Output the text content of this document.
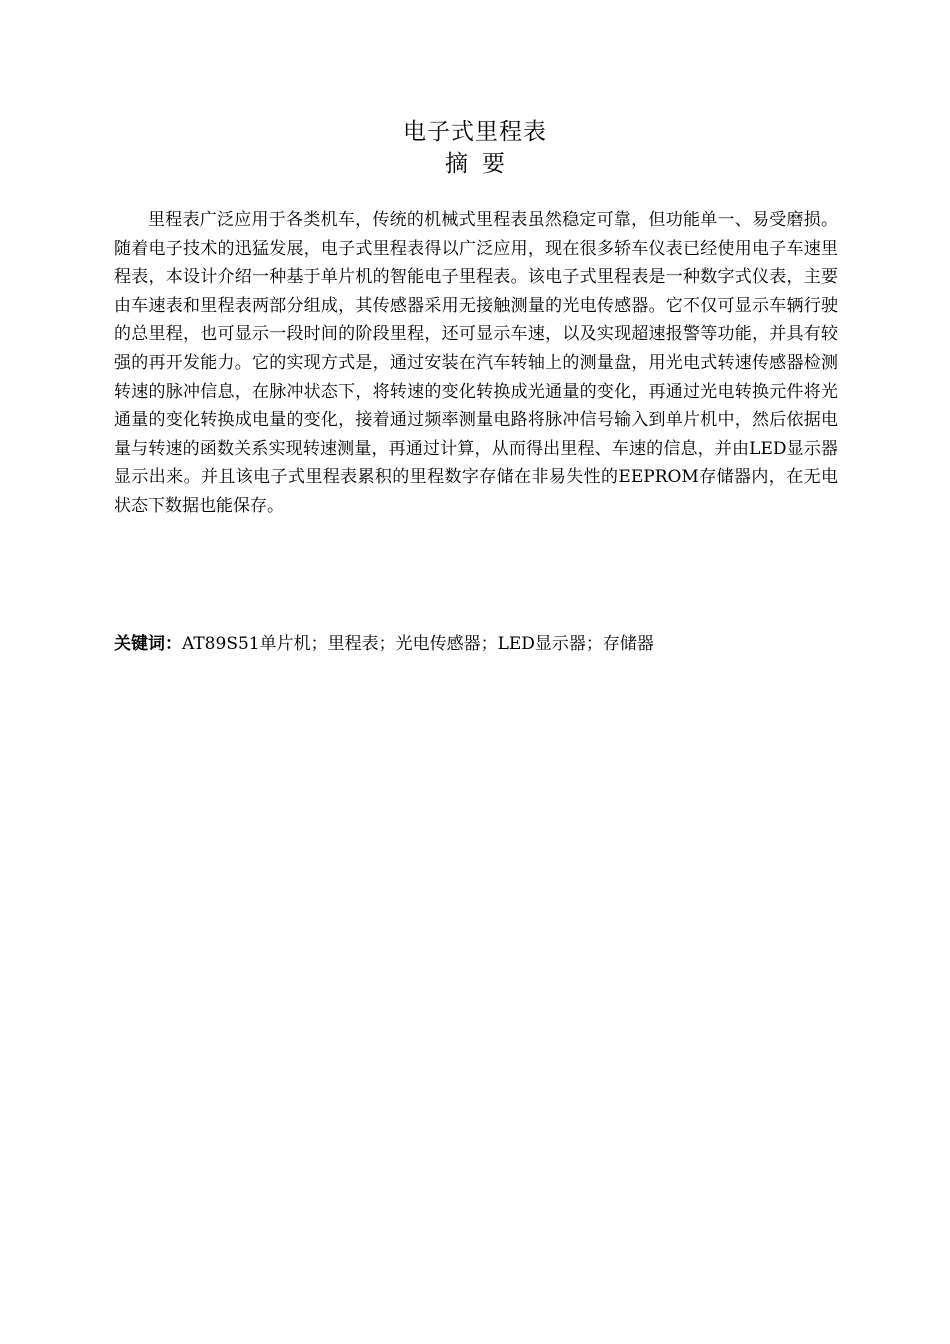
电子式里程表
摘要

里程表广泛应用于各类机车，传统的机械式里程表虽然稳定可靠，但功能单一、易受磨损。随着电子技术的迅猛发展，电子式里程表得以广泛应用，现在很多轿车仪表已经使用电子车速里程表，本设计介绍一种基于单片机的智能电子里程表。该电子式里程表是一种数字式仪表，主要由车速表和里程表两部分组成，其传感器采用无接触测量的光电传感器。它不仅可显示车辆行驶的总里程，也可显示一段时间的阶段里程，还可显示车速，以及实现超速报警等功能，并具有较强的再开发能力。它的实现方式是，通过安装在汽车转轴上的测量盘，用光电式转速传感器检测转速的脉冲信息，在脉冲状态下，将转速的变化转换成光通量的变化，再通过光电转换元件将光通量的变化转换成电量的变化，接着通过频率测量电路将脉冲信号输入到单片机中，然后依据电量与转速的函数关系实现转速测量，再通过计算，从而得出里程、车速的信息，并由LED显示器显示出来。并且该电子式里程表累积的里程数字存储在非易失性的EEPROM存储器内，在无电状态下数据也能保存。

关键词：AT89S51单片机；里程表；光电传感器；LED显示器；存储器
